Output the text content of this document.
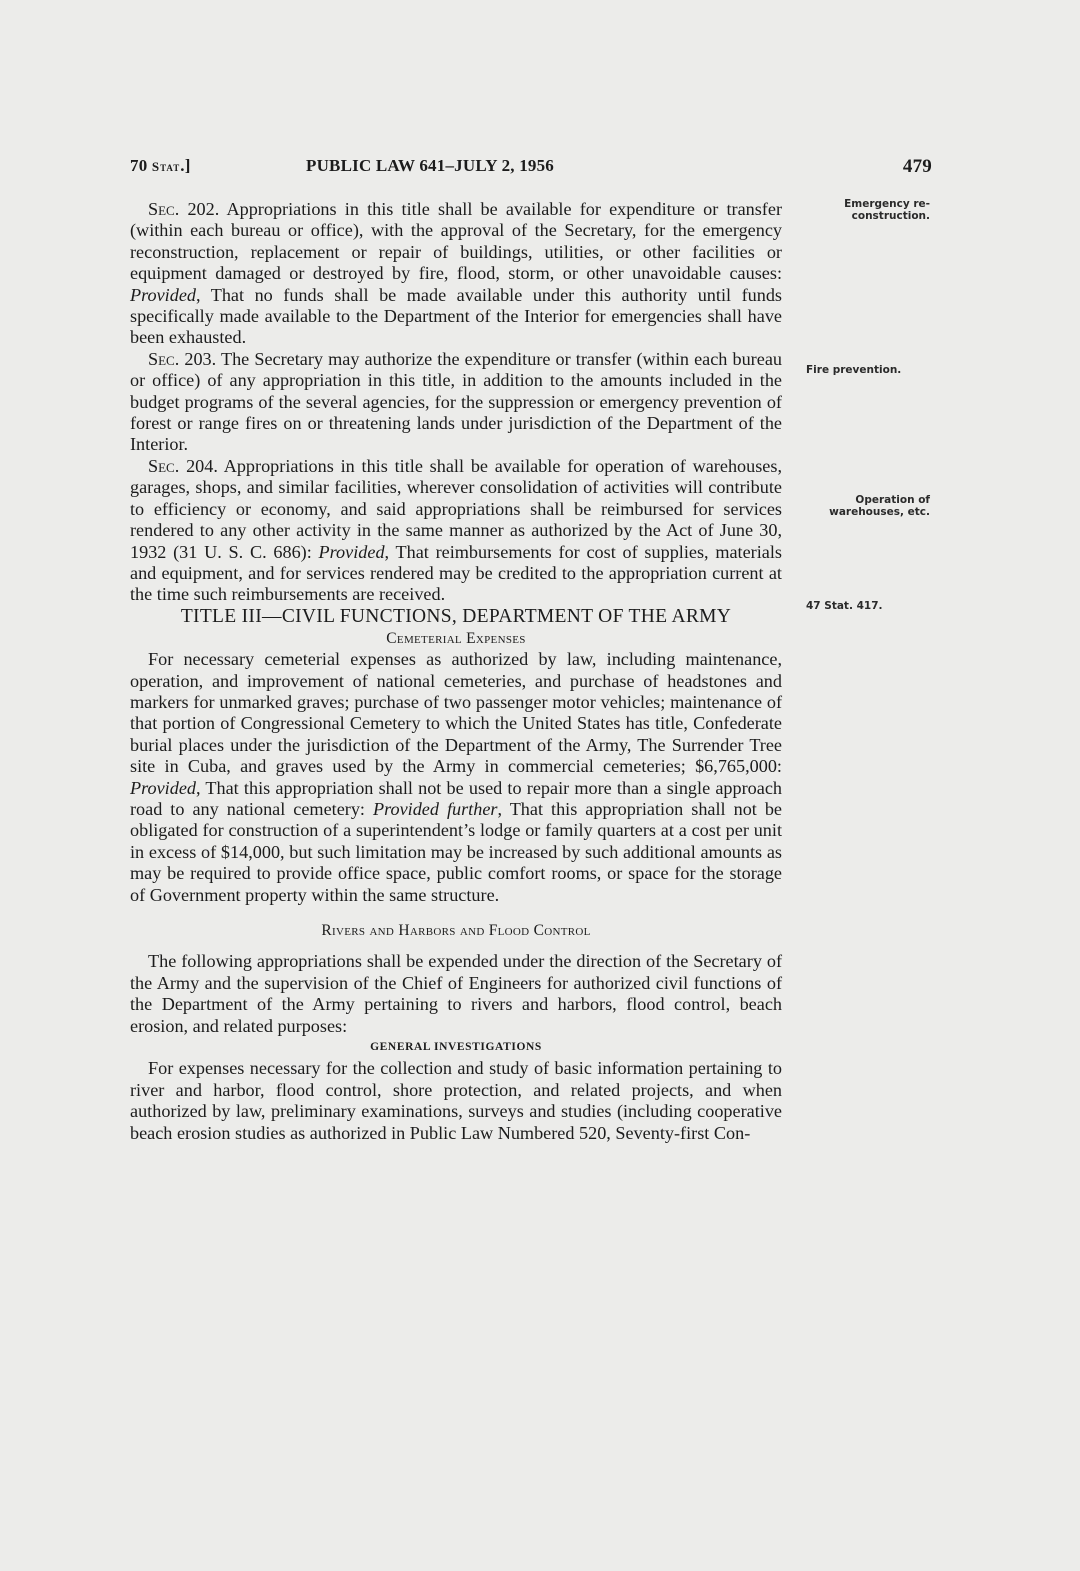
70 Stat.]	PUBLIC LAW 641–JULY 2, 1956	479
Emergency re-
construction.
Fire prevention.
Operation of
warehouses, etc.
47 Stat. 417.

Sec. 202. Appropriations in this title shall be available for expenditure or transfer (within each bureau or office), with the approval of the Secretary, for the emergency reconstruction, replacement or repair of buildings, utilities, or other facilities or equipment damaged or destroyed by fire, flood, storm, or other unavoidable causes: Provided, That no funds shall be made available under this authority until funds specifically made available to the Department of the Interior for emergencies shall have been exhausted.

Sec. 203. The Secretary may authorize the expenditure or transfer (within each bureau or office) of any appropriation in this title, in addition to the amounts included in the budget programs of the several agencies, for the suppression or emergency prevention of forest or range fires on or threatening lands under jurisdiction of the Department of the Interior.

Sec. 204. Appropriations in this title shall be available for operation of warehouses, garages, shops, and similar facilities, wherever consolidation of activities will contribute to efficiency or economy, and said appropriations shall be reimbursed for services rendered to any other activity in the same manner as authorized by the Act of June 30, 1932 (31 U. S. C. 686): Provided, That reimbursements for cost of supplies, materials and equipment, and for services rendered may be credited to the appropriation current at the time such reimbursements are received.

TITLE III—CIVIL FUNCTIONS, DEPARTMENT OF THE ARMY

Cemeterial Expenses

For necessary cemeterial expenses as authorized by law, including maintenance, operation, and improvement of national cemeteries, and purchase of headstones and markers for unmarked graves; purchase of two passenger motor vehicles; maintenance of that portion of Congressional Cemetery to which the United States has title, Confederate burial places under the jurisdiction of the Department of the Army, The Surrender Tree site in Cuba, and graves used by the Army in commercial cemeteries; $6,765,000: Provided, That this appropriation shall not be used to repair more than a single approach road to any national cemetery: Provided further, That this appropriation shall not be obligated for construction of a superintendent’s lodge or family quarters at a cost per unit in excess of $14,000, but such limitation may be increased by such additional amounts as may be required to provide office space, public comfort rooms, or space for the storage of Government property within the same structure.

Rivers and Harbors and Flood Control

The following appropriations shall be expended under the direction of the Secretary of the Army and the supervision of the Chief of Engineers for authorized civil functions of the Department of the Army pertaining to rivers and harbors, flood control, beach erosion, and related purposes:

GENERAL INVESTIGATIONS

For expenses necessary for the collection and study of basic information pertaining to river and harbor, flood control, shore protection, and related projects, and when authorized by law, preliminary examinations, surveys and studies (including cooperative beach erosion studies as authorized in Public Law Numbered 520, Seventy-first Con-
